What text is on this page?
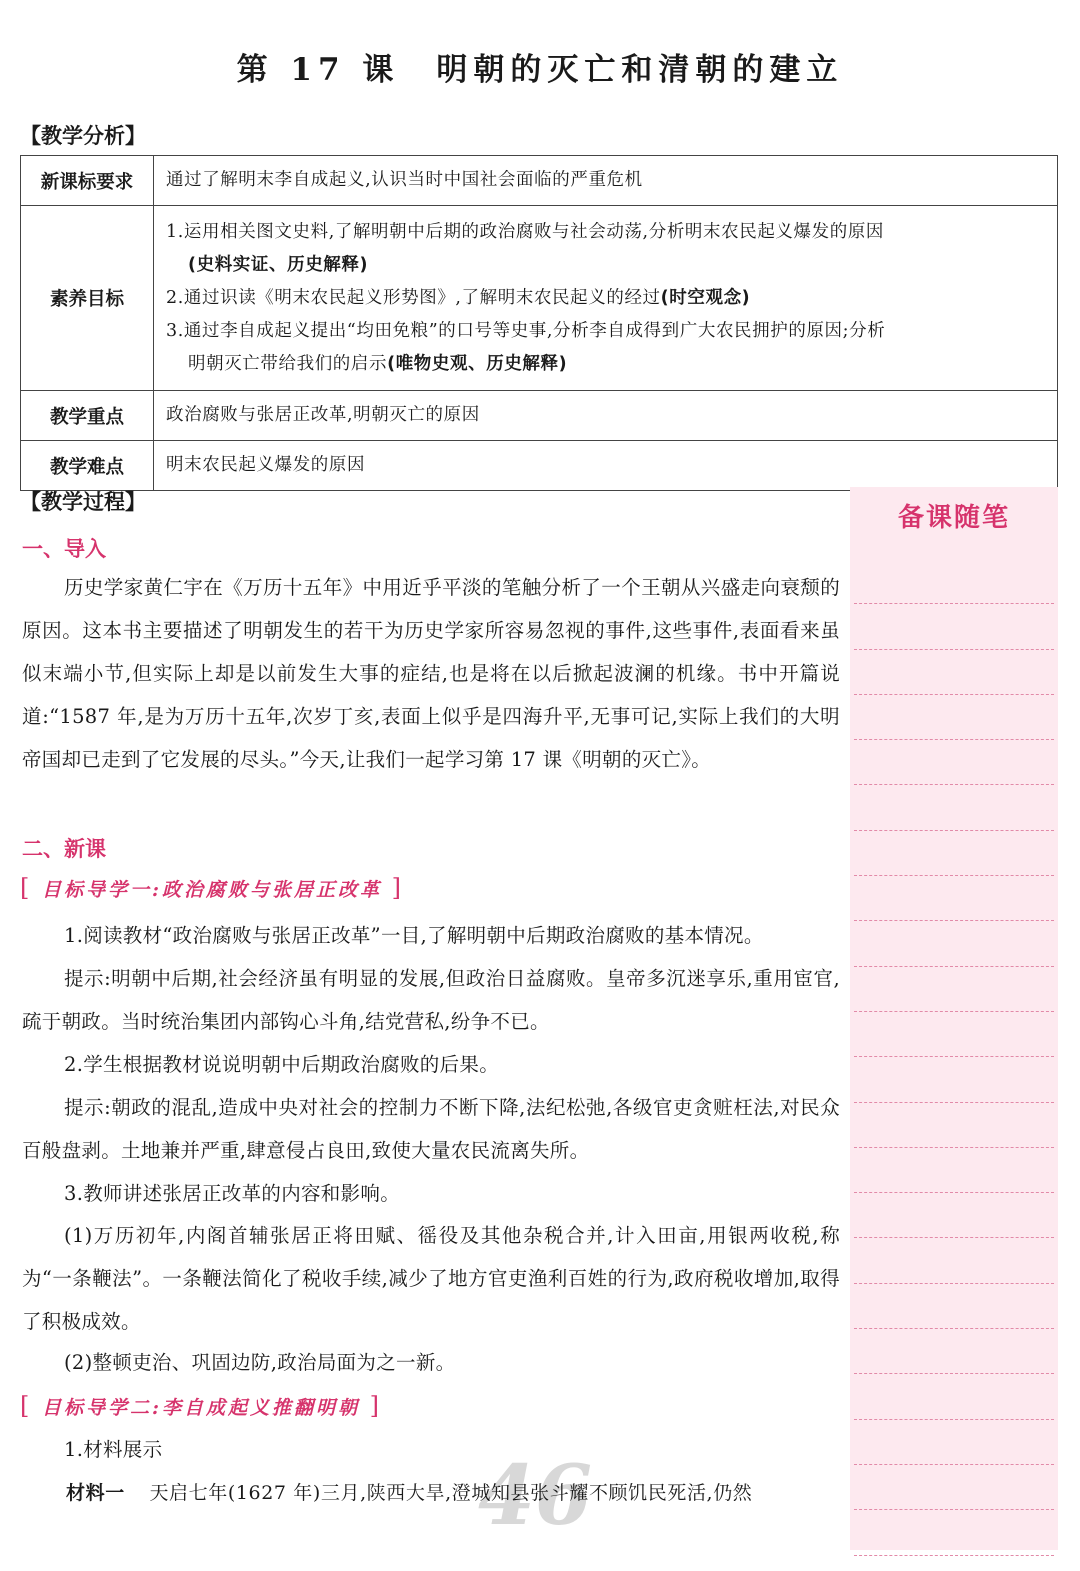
第 17 课　明朝的灭亡和清朝的建立
【教学分析】
新课标要求	通过了解明末李自成起义,认识当时中国社会面临的严重危机
素养目标	1.运用相关图文史料,了解明朝中后期的政治腐败与社会动荡,分析明末农民起义爆发的原因
(史料实证、历史解释)
2.通过识读《明末农民起义形势图》,了解明末农民起义的经过(时空观念)
3.通过李自成起义提出“均田免粮”的口号等史事,分析李自成得到广大农民拥护的原因;分析
明朝灭亡带给我们的启示(唯物史观、历史解释)

教学重点	政治腐败与张居正改革,明朝灭亡的原因
教学难点	明末农民起义爆发的原因
【教学过程】
备课随笔
一、导入
历史学家黄仁宇在《万历十五年》中用近乎平淡的笔触分析了一个王朝从兴盛走向衰颓的原因。这本书主要描述了明朝发生的若干为历史学家所容易忽视的事件,这些事件,表面看来虽似末端小节,但实际上却是以前发生大事的症结,也是将在以后掀起波澜的机缘。书中开篇说道:“1587 年,是为万历十五年,次岁丁亥,表面上似乎是四海升平,无事可记,实际上我们的大明帝国却已走到了它发展的尽头。”今天,让我们一起学习第 17 课《明朝的灭亡》。
二、新课
[ 目标导学一:政治腐败与张居正改革 ]
1.阅读教材“政治腐败与张居正改革”一目,了解明朝中后期政治腐败的基本情况。
提示:明朝中后期,社会经济虽有明显的发展,但政治日益腐败。皇帝多沉迷享乐,重用宦官,疏于朝政。当时统治集团内部钩心斗角,结党营私,纷争不已。
2.学生根据教材说说明朝中后期政治腐败的后果。
提示:朝政的混乱,造成中央对社会的控制力不断下降,法纪松弛,各级官吏贪赃枉法,对民众百般盘剥。土地兼并严重,肆意侵占良田,致使大量农民流离失所。
3.教师讲述张居正改革的内容和影响。
(1)万历初年,内阁首辅张居正将田赋、徭役及其他杂税合并,计入田亩,用银两收税,称为“一条鞭法”。一条鞭法简化了税收手续,减少了地方官吏渔利百姓的行为,政府税收增加,取得了积极成效。
(2)整顿吏治、巩固边防,政治局面为之一新。
[ 目标导学二:李自成起义推翻明朝 ]
1.材料展示	46
材料一 天启七年(1627 年)三月,陕西大旱,澄城知县张斗耀不顾饥民死活,仍然
